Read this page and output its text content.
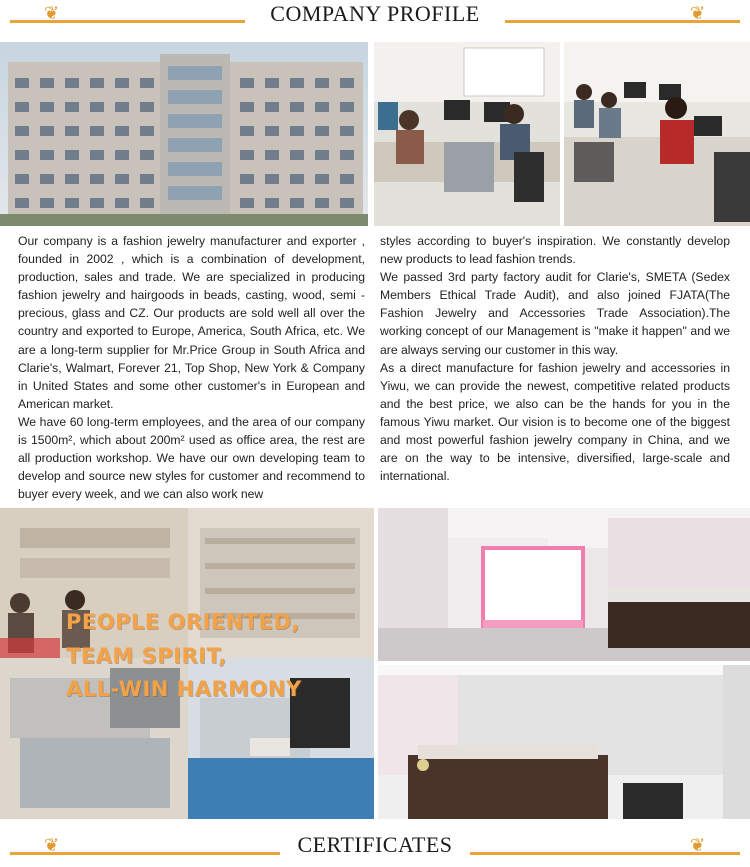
❦	COMPANY PROFILE	❦

Our company is a fashion jewelry manufacturer and exporter , founded in 2002 , which is a combination of development, production, sales and trade. We are specialized in producing fashion jewelry and hairgoods in beads, casting, wood, semi -precious, glass and CZ. Our products are sold well all over the country and exported to Europe, America, South Africa, etc. We are a long-term supplier for Mr.Price Group in South Africa and Clarie's, Walmart, Forever 21, Top Shop, New York & Company in United States and some other customer's in European and American market.

We have 60 long-term employees, and the area of our company is 1500m², which about 200m² used as office area, the rest are all production workshop. We have our own developing team to develop and source new styles for customer and recommend to buyer every week, and we can also work new

styles according to buyer's inspiration. We constantly develop new products to lead fashion trends.

We passed 3rd party factory audit for Clarie's, SMETA (Sedex Members Ethical Trade Audit), and also joined FJATA(The Fashion Jewelry and Accessories Trade Association).The working concept of our Management is "make it happen" and we are always serving our customer in this way.

As a direct manufacture for fashion jewelry and accessories in Yiwu, we can provide the newest, competitive related products and the best price, we also can be the hands for you in the famous Yiwu market. Our vision is to become one of the biggest and most powerful fashion jewelry company in China, and we are on the way to be intensive, diversified, large-scale and international.

PEOPLE ORIENTED,
TEAM SPIRIT,
ALL-WIN HARMONY
❦	CERTIFICATES	❦
